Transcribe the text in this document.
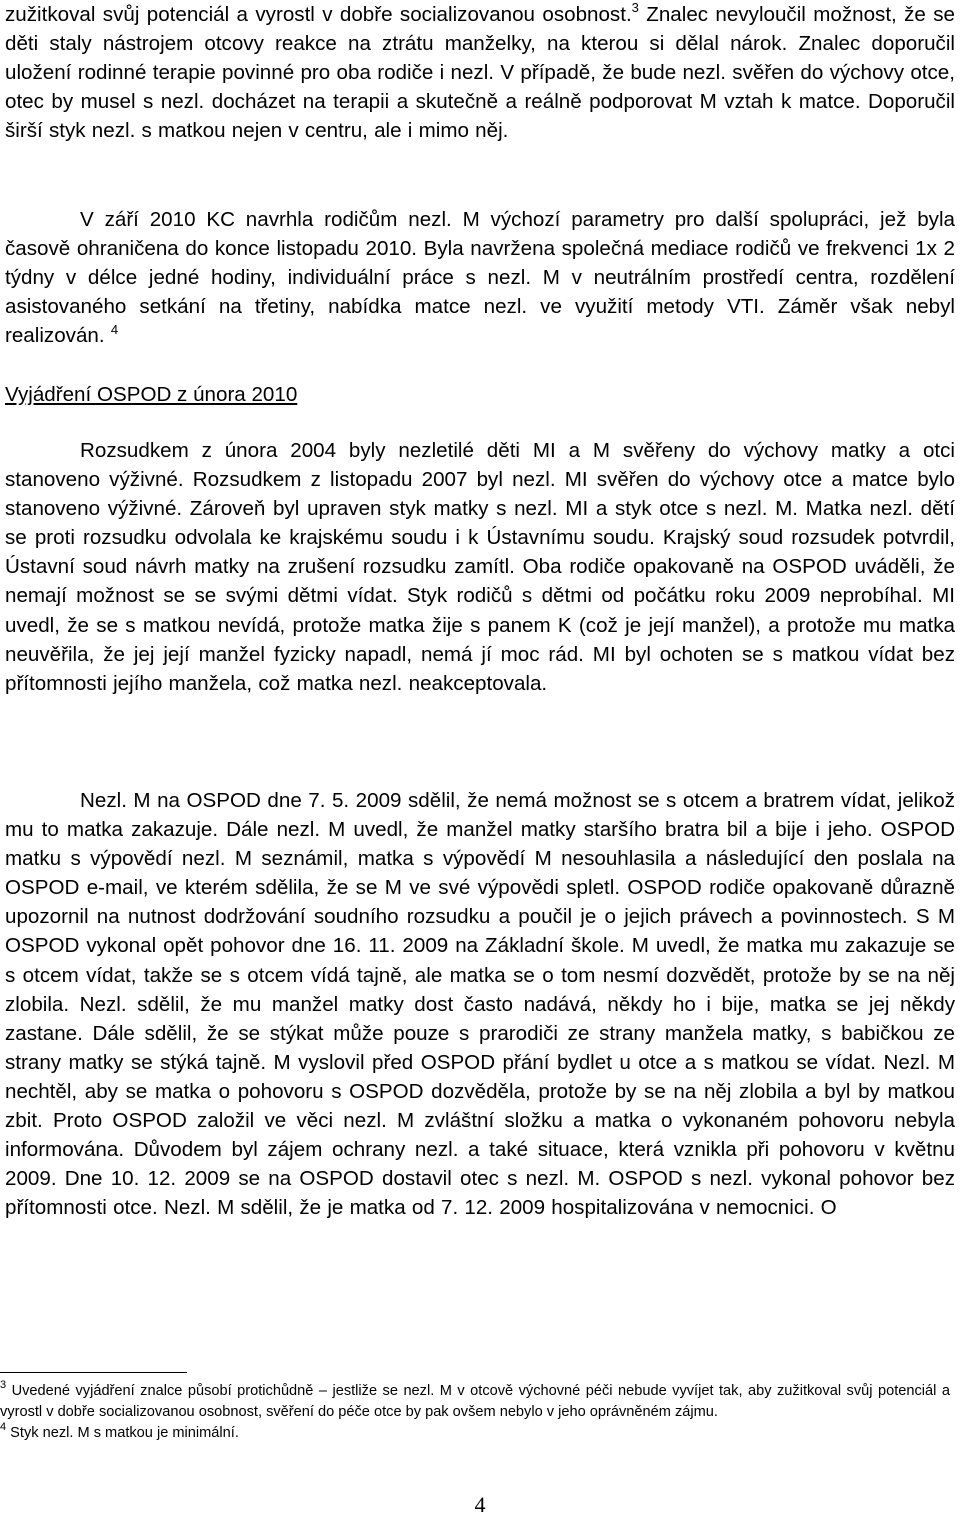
zužitkoval svůj potenciál a vyrostl v dobře socializovanou osobnost.$^3$ Znalec nevyloučil možnost, že se děti staly nástrojem otcovy reakce na ztrátu manželky, na kterou si dělal nárok. Znalec doporučil uložení rodinné terapie povinné pro oba rodiče i nezl. V případě, že bude nezl. svěřen do výchovy otce, otec by musel s nezl. docházet na terapii a skutečně a reálně podporovat M vztah k matce. Doporučil širší styk nezl. s matkou nejen v centru, ale i mimo něj.

V září 2010 KC navrhla rodičům nezl. M výchozí parametry pro další spolupráci, jež byla časově ohraničena do konce listopadu 2010. Byla navržena společná mediace rodičů ve frekvenci 1x 2 týdny v délce jedné hodiny, individuální práce s nezl. M v neutrálním prostředí centra, rozdělení asistovaného setkání na třetiny, nabídka matce nezl. ve využití metody VTI. Záměr však nebyl realizován. $^4$

Vyjádření OSPOD z února 2010

Rozsudkem z února 2004 byly nezletilé děti MI a M svěřeny do výchovy matky a otci stanoveno výživné. Rozsudkem z listopadu 2007 byl nezl. MI svěřen do výchovy otce a matce bylo stanoveno výživné. Zároveň byl upraven styk matky s nezl. MI a styk otce s nezl. M. Matka nezl. dětí se proti rozsudku odvolala ke krajskému soudu i k Ústavnímu soudu. Krajský soud rozsudek potvrdil, Ústavní soud návrh matky na zrušení rozsudku zamítl. Oba rodiče opakovaně na OSPOD uváděli, že nemají možnost se se svými dětmi vídat. Styk rodičů s dětmi od počátku roku 2009 neprobíhal. MI uvedl, že se s matkou nevídá, protože matka žije s panem K (což je její manžel), a protože mu matka neuvěřila, že jej její manžel fyzicky napadl, nemá jí moc rád. MI byl ochoten se s matkou vídat bez přítomnosti jejího manžela, což matka nezl. neakceptovala.

Nezl. M na OSPOD dne 7. 5. 2009 sdělil, že nemá možnost se s otcem a bratrem vídat, jelikož mu to matka zakazuje. Dále nezl. M uvedl, že manžel matky staršího bratra bil a bije i jeho. OSPOD matku s výpovědí nezl. M seznámil, matka s výpovědí M nesouhlasila a následující den poslala na OSPOD e-mail, ve kterém sdělila, že se M ve své výpovědi spletl. OSPOD rodiče opakovaně důrazně upozornil na nutnost dodržování soudního rozsudku a poučil je o jejich právech a povinnostech. S M OSPOD vykonal opět pohovor dne 16. 11. 2009 na Základní škole. M uvedl, že matka mu zakazuje se s otcem vídat, takže se s otcem vídá tajně, ale matka se o tom nesmí dozvědět, protože by se na něj zlobila. Nezl. sdělil, že mu manžel matky dost často nadává, někdy ho i bije, matka se jej někdy zastane. Dále sdělil, že se stýkat může pouze s prarodiči ze strany manžela matky, s babičkou ze strany matky se stýká tajně. M vyslovil před OSPOD přání bydlet u otce a s matkou se vídat. Nezl. M nechtěl, aby se matka o pohovoru s OSPOD dozvěděla, protože by se na něj zlobila a byl by matkou zbit. Proto OSPOD založil ve věci nezl. M zvláštní složku a matka o vykonaném pohovoru nebyla informována. Důvodem byl zájem ochrany nezl. a také situace, která vznikla při pohovoru v květnu 2009. Dne 10. 12. 2009 se na OSPOD dostavil otec s nezl. M. OSPOD s nezl. vykonal pohovor bez přítomnosti otce. Nezl. M sdělil, že je matka od 7. 12. 2009 hospitalizována v nemocnici. O

$^3$ Uvedené vyjádření znalce působí protichůdně – jestliže se nezl. M v otcově výchovné péči nebude vyvíjet tak, aby zužitkoval svůj potenciál a vyrostl v dobře socializovanou osobnost, svěření do péče otce by pak ovšem nebylo v jeho oprávněném zájmu.

$^4$ Styk nezl. M s matkou je minimální.

4
